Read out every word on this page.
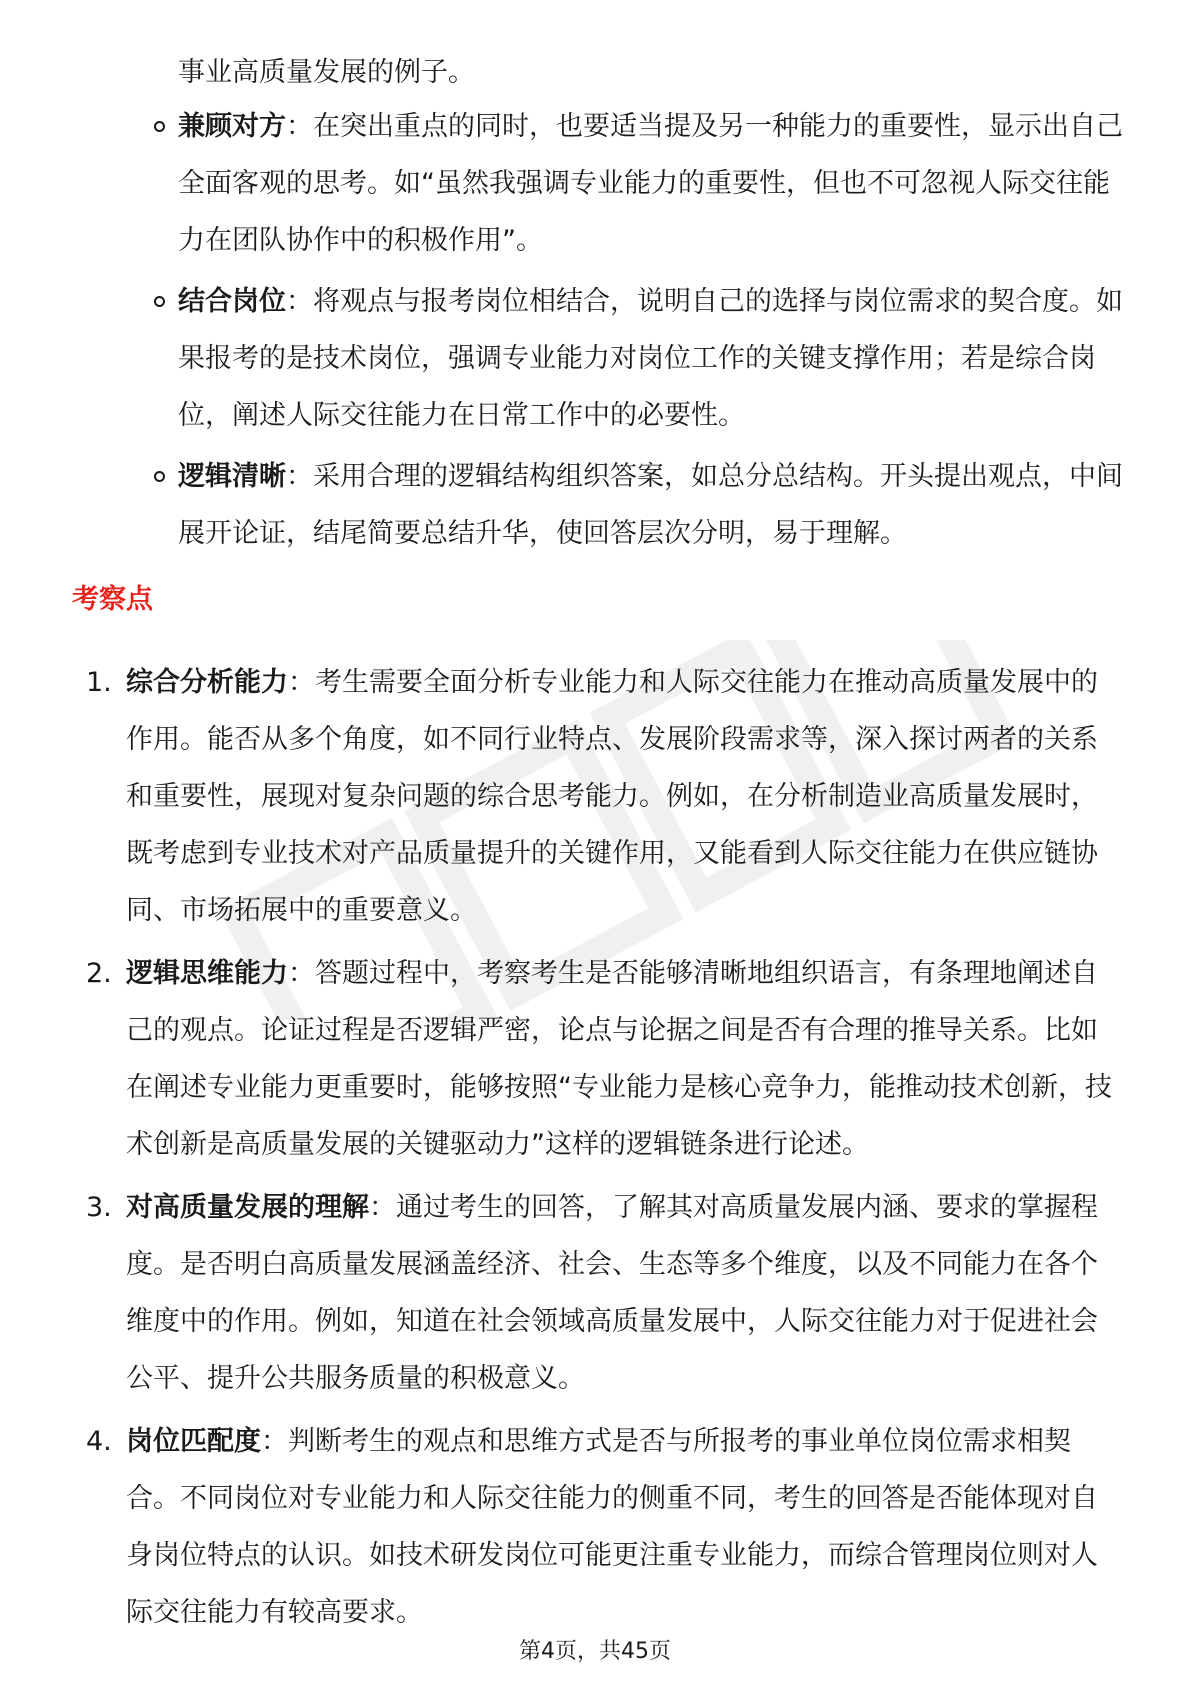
事业高质量发展的例子。
兼顾对方：在突出重点的同时，也要适当提及另一种能力的重要性，显示出自己全面客观的思考。如“虽然我强调专业能力的重要性，但也不可忽视人际交往能力在团队协作中的积极作用”。
结合岗位：将观点与报考岗位相结合，说明自己的选择与岗位需求的契合度。如果报考的是技术岗位，强调专业能力对岗位工作的关键支撑作用；若是综合岗位，阐述人际交往能力在日常工作中的必要性。
逻辑清晰：采用合理的逻辑结构组织答案，如总分总结构。开头提出观点，中间展开论证，结尾简要总结升华，使回答层次分明，易于理解。
考察点
1. 综合分析能力：考生需要全面分析专业能力和人际交往能力在推动高质量发展中的作用。能否从多个角度，如不同行业特点、发展阶段需求等，深入探讨两者的关系和重要性，展现对复杂问题的综合思考能力。例如，在分析制造业高质量发展时，既考虑到专业技术对产品质量提升的关键作用，又能看到人际交往能力在供应链协同、市场拓展中的重要意义。
2. 逻辑思维能力：答题过程中，考察考生是否能够清晰地组织语言，有条理地阐述自己的观点。论证过程是否逻辑严密，论点与论据之间是否有合理的推导关系。比如在阐述专业能力更重要时，能够按照“专业能力是核心竞争力，能推动技术创新，技术创新是高质量发展的关键驱动力”这样的逻辑链条进行论述。
3. 对高质量发展的理解：通过考生的回答，了解其对高质量发展内涵、要求的掌握程度。是否明白高质量发展涵盖经济、社会、生态等多个维度，以及不同能力在各个维度中的作用。例如，知道在社会领域高质量发展中，人际交往能力对于促进社会公平、提升公共服务质量的积极意义。
4. 岗位匹配度：判断考生的观点和思维方式是否与所报考的事业单位岗位需求相契合。不同岗位对专业能力和人际交往能力的侧重不同，考生的回答是否能体现对自身岗位特点的认识。如技术研发岗位可能更注重专业能力，而综合管理岗位则对人际交往能力有较高要求。
第4页，共45页
